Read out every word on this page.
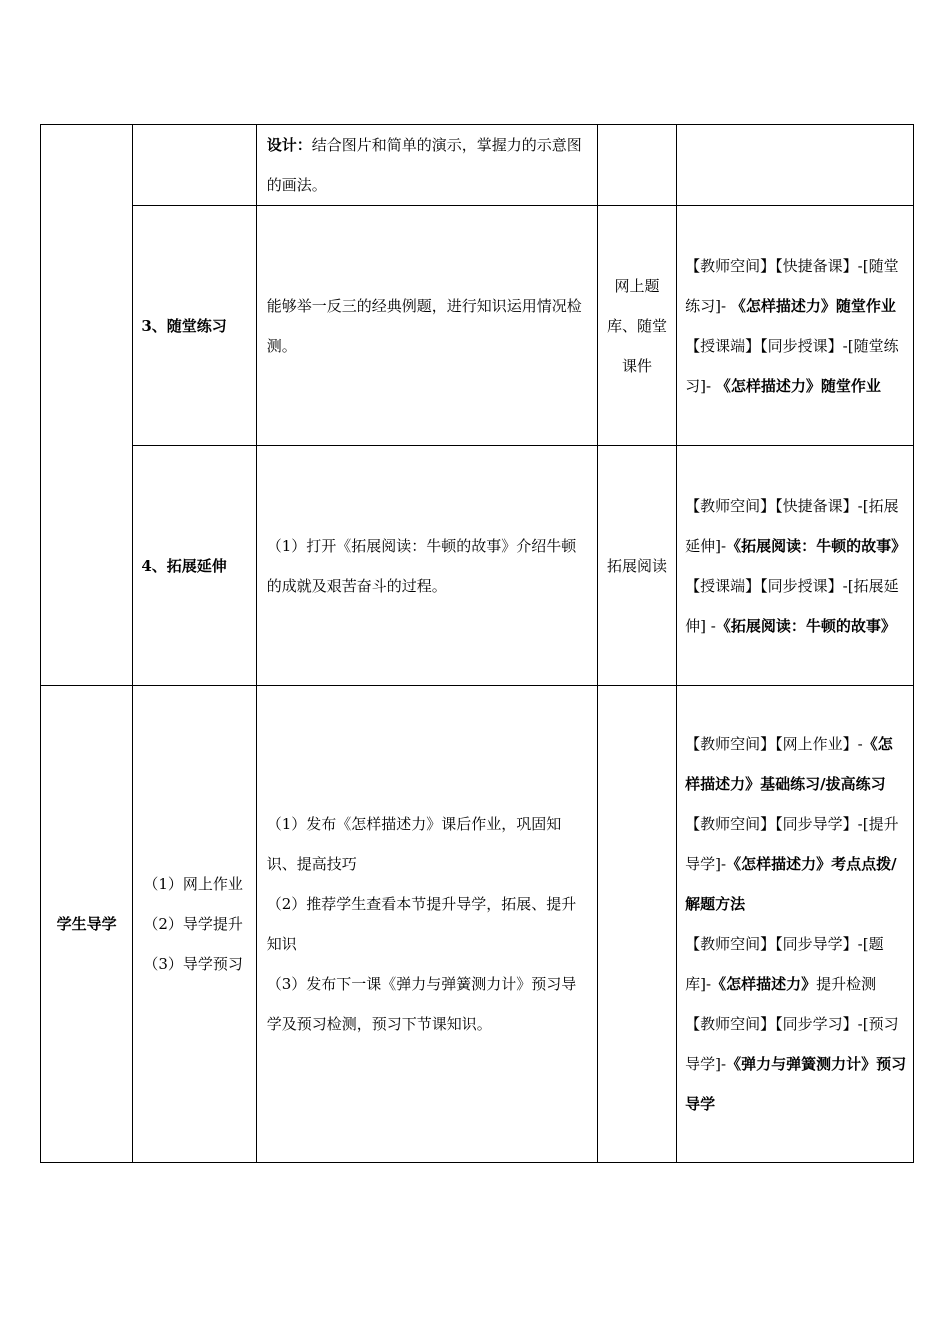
		设计：结合图片和简单的演示，掌握力的示意图的画法。		
	3、随堂练习	能够举一反三的经典例题，进行知识运用情况检测。	网上题库、随堂课件	【教师空间】【快捷备课】-[随堂练习]- 《怎样描述力》随堂作业
【授课端】【同步授课】-[随堂练习]- 《怎样描述力》随堂作业

	4、拓展延伸	（1）打开《拓展阅读：牛顿的故事》介绍牛顿的成就及艰苦奋斗的过程。	拓展阅读	【教师空间】【快捷备课】-[拓展延伸]-《拓展阅读：牛顿的故事》
【授课端】【同步授课】-[拓展延伸] -《拓展阅读：牛顿的故事》

学生导学	（1）网上作业
（2）导学提升
（3）导学预习	（1）发布《怎样描述力》课后作业，巩固知识、提高技巧
（2）推荐学生查看本节提升导学，拓展、提升知识
（3）发布下一课《弹力与弹簧测力计》预习导学及预习检测，预习下节课知识。		【教师空间】【网上作业】-《怎样描述力》基础练习/拔高练习
【教师空间】【同步导学】-[提升导学]-《怎样描述力》考点点拨/解题方法
【教师空间】【同步导学】-[题库]-《怎样描述力》提升检测
【教师空间】【同步学习】-[预习导学]-《弹力与弹簧测力计》预习导学
